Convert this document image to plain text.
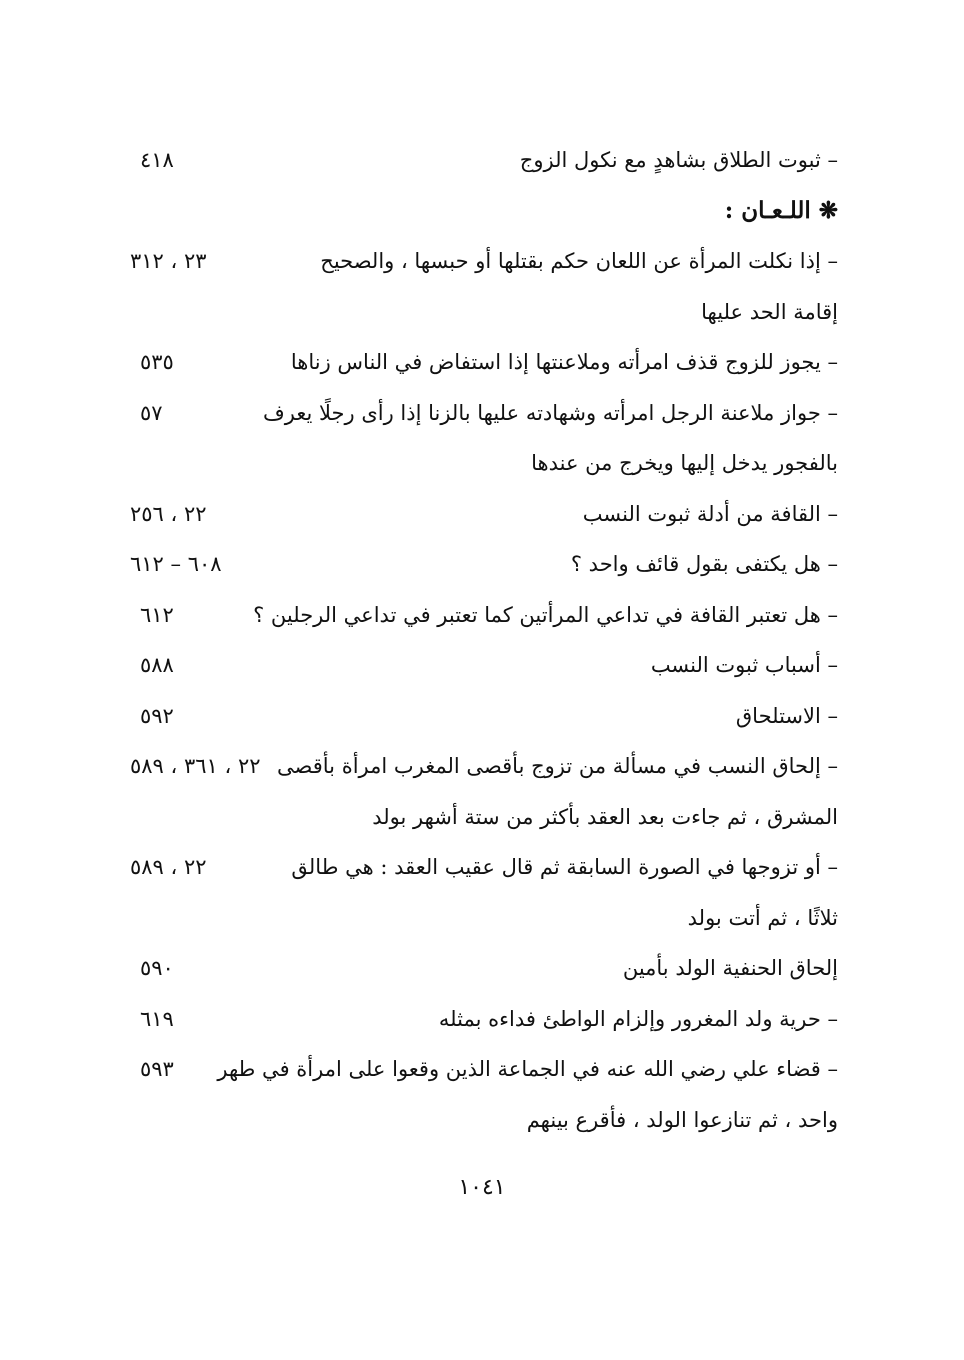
– ثبوت الطلاق بشاهدٍ مع نكول الزوج
٤١٨
❋ اللـعـان :
– إذا نكلت المرأة عن اللعان حكم بقتلها أو حبسها ، والصحيح
إقامة الحد عليها
٢٣ ، ٣١٢
– يجوز للزوج قذف امرأته وملاعنتها إذا استفاض في الناس زناها
٥٣٥
– جواز ملاعنة الرجل امرأته وشهادته عليها بالزنا إذا رأى رجلًا يعرف
بالفجور يدخل إليها ويخرج من عندها
٥٧
– القافة من أدلة ثبوت النسب
٢٢ ، ٢٥٦
– هل يكتفى بقول قائف واحد ؟
٦٠٨ – ٦١٢
– هل تعتبر القافة في تداعي المرأتين كما تعتبر في تداعي الرجلين ؟
٦١٢
– أسباب ثبوت النسب
٥٨٨
– الاستلحاق
٥٩٢
– إلحاق النسب في مسألة من تزوج بأقصى المغرب امرأة بأقصى
المشرق ، ثم جاءت بعد العقد بأكثر من ستة أشهر بولد
٢٢ ، ٣٦١ ، ٥٨٩
– أو تزوجها في الصورة السابقة ثم قال عقيب العقد : هي طالق
ثلاثًا ، ثم أتت بولد
٢٢ ، ٥٨٩
إلحاق الحنفية الولد بأمين
٥٩٠
– حرية ولد المغرور وإلزام الواطئ فداءه بمثله
٦١٩
– قضاء علي رضي الله عنه في الجماعة الذين وقعوا على امرأة في طهر
واحد ، ثم تنازعوا الولد ، فأقرع بينهم
٥٩٣
١٠٤١
